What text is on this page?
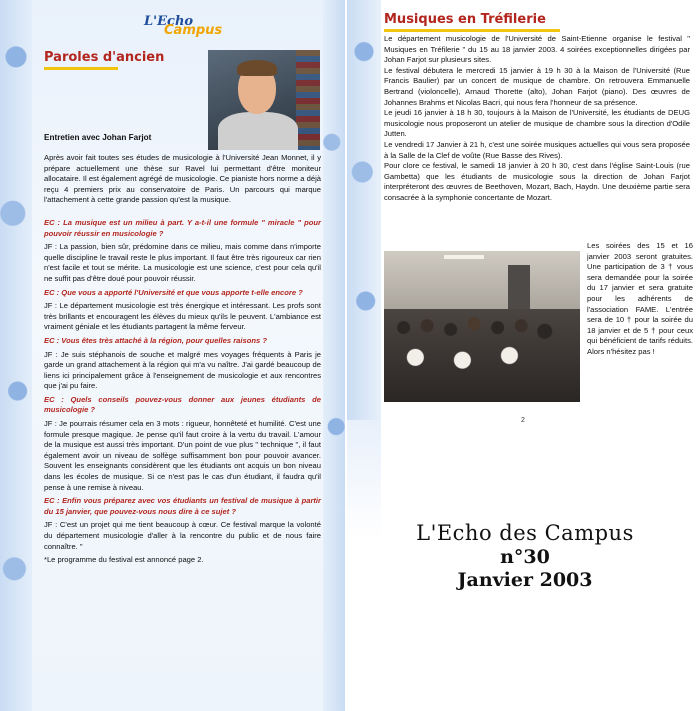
L'Echo
Campus
Paroles d'ancien
Entretien avec Johan Farjot

Après avoir fait toutes ses études de musicologie à l'Université Jean Monnet, il y prépare actuellement une thèse sur Ravel lui permettant d'être moniteur allocataire. Il est également agrégé de musicologie. Ce pianiste hors norme a déjà reçu 4 premiers prix au conservatoire de Paris. Un parcours qui marque l'attachement à cette grande passion qu'est la musique.

EC : La musique est un milieu à part. Y a-t-il une formule " miracle " pour pouvoir réussir en musicologie ?

JF : La passion, bien sûr, prédomine dans ce milieu, mais comme dans n'importe quelle discipline le travail reste le plus important. Il faut être très rigoureux car rien n'est facile et tout se mérite. La musicologie est une science, c'est pour cela qu'il ne suffit pas d'être doué pour pouvoir réussir.

EC : Que vous a apporté l'Université et que vous apporte t-elle encore ?

JF : Le département musicologie est très énergique et intéressant. Les profs sont très brillants et encouragent les élèves du mieux qu'ils le peuvent. L'ambiance est vraiment géniale et les étudiants partagent la même ferveur.

EC : Vous êtes très attaché à la région, pour quelles raisons ?

JF : Je suis stéphanois de souche et malgré mes voyages fréquents à Paris je garde un grand attachement à la région qui m'a vu naître. J'ai gardé beaucoup de liens ici principalement grâce à l'enseignement de musicologie et aux rencontres que j'ai pu faire.

EC : Quels conseils pouvez-vous donner aux jeunes étudiants de musicologie ?

JF : Je pourrais résumer cela en 3 mots : rigueur, honnêteté et humilité. C'est une formule presque magique. Je pense qu'il faut croire à la vertu du travail. L'amour de la musique est aussi très important. D'un point de vue plus " technique ", il faut également avoir un niveau de solfège suffisamment bon pour pouvoir avancer. Souvent les enseignants considèrent que les étudiants ont acquis un bon niveau dans les écoles de musique. Si ce n'est pas le cas d'un étudiant, il faudra qu'il pense à une remise à niveau.

EC : Enfin vous préparez avec vos étudiants un festival de musique à partir du 15 janvier, que pouvez-vous nous dire à ce sujet ?

JF : C'est un projet qui me tient beaucoup à cœur. Ce festival marque la volonté du département musicologie d'aller à la rencontre du public et de nous faire connaître. "

*Le programme du festival est annoncé page 2.

Musiques en Tréfilerie

Le département musicologie de l'Université de Saint-Etienne organise le festival " Musiques en Tréfilerie " du 15 au 18 janvier 2003. 4 soirées exceptionnelles dirigées par Johan Farjot sur plusieurs sites.

Le festival débutera le mercredi 15 janvier à 19 h 30 à la Maison de l'Université (Rue Francis Baulier) par un concert de musique de chambre. On retrouvera Emmanuelle Bertrand (violoncelle), Arnaud Thorette (alto), Johan Farjot (piano). Des œuvres de Johannes Brahms et Nicolas Bacri, qui nous fera l'honneur de sa présence.

Le jeudi 16 janvier à 18 h 30, toujours à la Maison de l'Université, les étudiants de DEUG musicologie nous proposeront un atelier de musique de chambre sous la direction d'Odile Jutten.

Le vendredi 17 Janvier à 21 h, c'est une soirée musiques actuelles qui vous sera proposée à la Salle de la Clef de voûte (Rue Basse des Rives).

Pour clore ce festival, le samedi 18 janvier à 20 h 30, c'est dans l'église Saint-Louis (rue Gambetta) que les étudiants de musicologie sous la direction de Johan Farjot interpréteront des œuvres de Beethoven, Mozart, Bach, Haydn. Une deuxième partie sera consacrée à la symphonie concertante de Mozart.

Les soirées des 15 et 16 janvier 2003 seront gratuites. Une participation de 3 † vous sera demandée pour la soirée du 17 janvier et sera gratuite pour les adhérents de l'association FAME. L'entrée sera de 10 † pour la soirée du 18 janvier et de 5 † pour ceux qui bénéficient de tarifs réduits. Alors n'hésitez pas !
2
L'Echo des Campus
n°30
Janvier 2003
